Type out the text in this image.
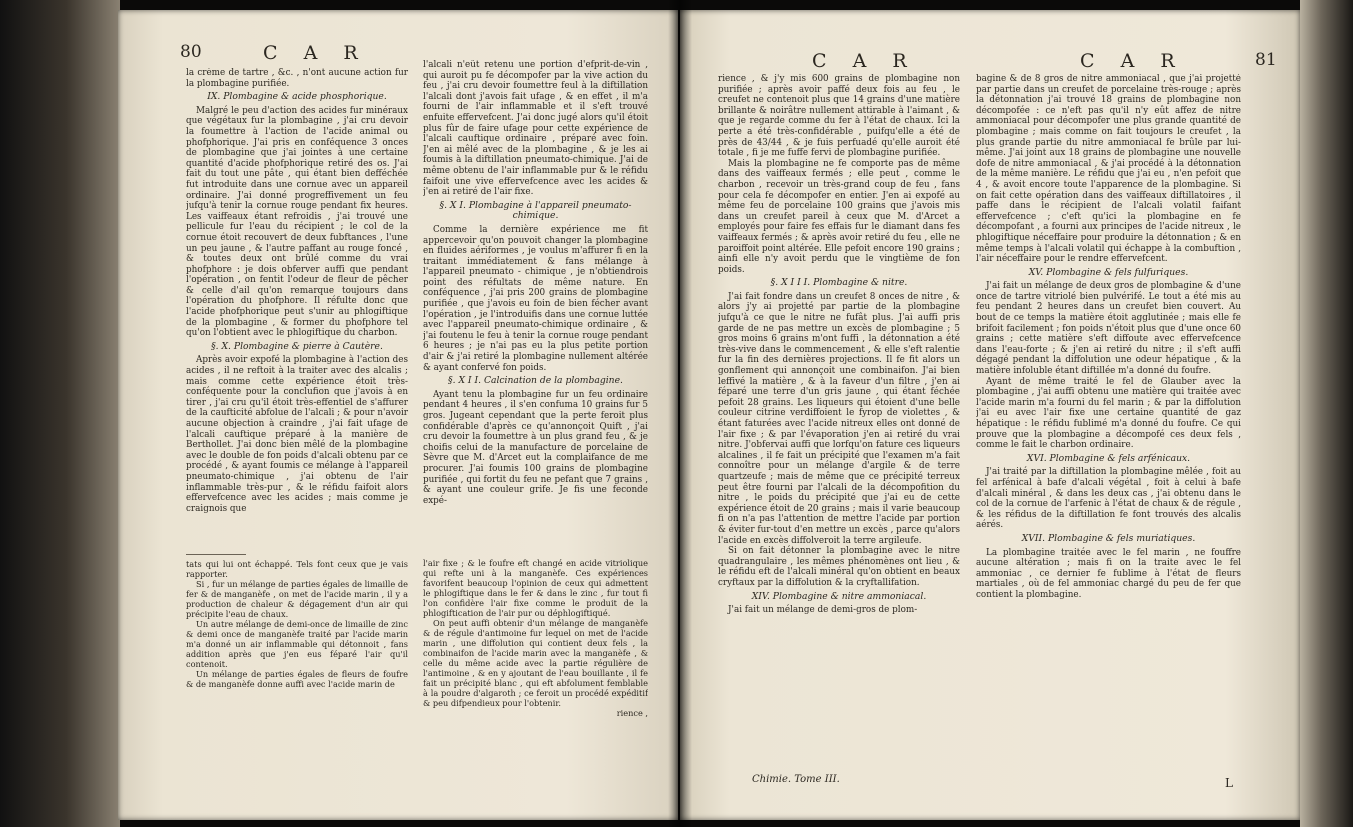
80	C A R

la crème de tartre , &c. , n'ont aucune action fur la plombagine purifiée.

IX. Plombagine & acide phosphorique.

Malgré le peu d'action des acides fur minéraux que végétaux fur la plombagine , j'ai cru devoir la foumettre à l'action de l'acide animal ou phofphorique. J'ai pris en conféquence 3 onces de plombagine que j'ai jointes à une certaine quantité d'acide phofphorique retiré des os. J'ai fait du tout une pâte , qui étant bien defféchée fut introduite dans une cornue avec un appareil ordinaire. J'ai donné progreffivement un feu jufqu'à tenir la cornue rouge pendant fix heures. Les vaiffeaux étant refroidis , j'ai trouvé une pellicule fur l'eau du récipient ; le col de la cornue étoit recouvert de deux fubftances , l'une un peu jaune , & l'autre paffant au rouge foncé , & toutes deux ont brûlé comme du vrai phofphore : je dois obferver auffi que pendant l'opération , on fentit l'odeur de fleur de pêcher & celle d'ail qu'on remarque toujours dans l'opération du phofphore. Il réfulte donc que l'acide phofphorique peut s'unir au phlogiftique de la plombagine , & former du phofphore tel qu'on l'obtient avec le phlogiftique du charbon.

§. X. Plombagine & pierre à Cautère.

Après avoir expofé la plombagine à l'action des acides , il ne reftoit à la traiter avec des alcalis ; mais comme cette expérience étoit très-conféquente pour la conclufion que j'avois à en tirer , j'ai cru qu'il étoit très-effentiel de s'affurer de la caufticité abfolue de l'alcali ; & pour n'avoir aucune objection à craindre , j'ai fait ufage de l'alcali cauftique préparé à la manière de Berthollet. J'ai donc bien mêlé de la plombagine avec le double de fon poids d'alcali obtenu par ce procédé , & ayant foumis ce mélange à l'appareil pneumato-chimique , j'ai obtenu de l'air inflammable très-pur , & le réfidu faifoit alors effervefcence avec les acides ; mais comme je craignois que

tats qui lui ont échappé. Tels font ceux que je vais rapporter.

Si , fur un mélange de parties égales de limaille de fer & de manganèfe , on met de l'acide marin , il y a production de chaleur & dégagement d'un air qui précipite l'eau de chaux.

Un autre mélange de demi-once de limaille de zinc & demi once de manganèfe traité par l'acide marin m'a donné un air inflammable qui détonnoit , fans addition après que j'en eus féparé l'air qu'il contenoit.

Un mélange de parties égales de fleurs de foufre & de manganèfe donne auffi avec l'acide marin de

l'alcali n'eût retenu une portion d'efprit-de-vin , qui auroit pu fe décompofer par la vive action du feu , j'ai cru devoir foumettre feul à la diftillation l'alcali dont j'avois fait ufage , & en effet , il m'a fourni de l'air inflammable et il s'eft trouvé enfuite effervefcent. J'ai donc jugé alors qu'il étoit plus fûr de faire ufage pour cette expérience de l'alcali cauftique ordinaire , préparé avec foin. J'en ai mêlé avec de la plombagine , & je les ai foumis à la diftillation pneumato-chimique. J'ai de même obtenu de l'air inflammable pur & le réfidu faifoit une vive effervefcence avec les acides & j'en ai retiré de l'air fixe.

§. X I. Plombagine à l'appareil pneumato-chimique.

Comme la dernière expérience me fit appercevoir qu'on pouvoit changer la plombagine en fluides aériformes , je voulus m'affurer fi en la traitant immédiatement & fans mélange à l'appareil pneumato - chimique , je n'obtiendrois point des réfultats de même nature. En conféquence , j'ai pris 200 grains de plombagine purifiée , que j'avois eu foin de bien fécher avant l'opération , je l'introduifis dans une cornue luttée avec l'appareil pneumato-chimique ordinaire , & j'ai foutenu le feu à tenir la cornue rouge pendant 6 heures ; je n'ai pas eu la plus petite portion d'air & j'ai retiré la plombagine nullement altérée & ayant confervé fon poids.

§. X I I. Calcination de la plombagine.

Ayant tenu la plombagine fur un feu ordinaire pendant 4 heures , il s'en confuma 10 grains fur 5 gros. Jugeant cependant que la perte feroit plus confidérable d'après ce qu'annonçoit Quift , j'ai cru devoir la foumettre à un plus grand feu , & je choifis celui de la manufacture de porcelaine de Sèvre que M. d'Arcet eut la complaifance de me procurer. J'ai foumis 100 grains de plombagine purifiée , qui fortit du feu ne pefant que 7 grains , & ayant une couleur grife. Je fis une feconde expé-

l'air fixe ; & le foufre eft changé en acide vitriolique qui refte uni à la manganèfe. Ces expériences favorifent beaucoup l'opinion de ceux qui admettent le phlogiftique dans le fer & dans le zinc , fur tout fi l'on confidère l'air fixe comme le produit de la phlogiftication de l'air pur ou déphlogiftiqué.

On peut auffi obtenir d'un mélange de manganèfe & de régule d'antimoine fur lequel on met de l'acide marin , une diffolution qui contient deux fels , la combinaifon de l'acide marin avec la manganèfe , & celle du même acide avec la partie régulière de l'antimoine , & en y ajoutant de l'eau bouillante , il fe fait un précipité blanc , qui eft abfolument femblable à la poudre d'algaroth ; ce feroit un procédé expéditif & peu difpendieux pour l'obtenir.

rience ,

C A R	C A R	81

rience , & j'y mis 600 grains de plombagine non purifiée ; après avoir paffé deux fois au feu , le creufet ne contenoit plus que 14 grains d'une matière brillante & noirâtre nullement attirable à l'aimant , & que je regarde comme du fer à l'état de chaux. Ici la perte a été très-confidérable , puifqu'elle a été de près de 43/44 , & je fuis perfuadé qu'elle auroit été totale , fi je me fuffe fervi de plombagine purifiée.

Mais la plombagine ne fe comporte pas de même dans des vaiffeaux fermés ; elle peut , comme le charbon , recevoir un très-grand coup de feu , fans pour cela fe décompofer en entier. J'en ai expofé au même feu de porcelaine 100 grains que j'avois mis dans un creufet pareil à ceux que M. d'Arcet a employés pour faire fes effais fur le diamant dans fes vaiffeaux fermés ; & après avoir retiré du feu , elle ne paroiffoit point altérée. Elle pefoit encore 190 grains ; ainfi elle n'y avoit perdu que le vingtième de fon poids.

§. X I I I. Plombagine & nitre.

J'ai fait fondre dans un creufet 8 onces de nitre , & alors j'y ai projetté par partie de la plombagine jufqu'à ce que le nitre ne fufât plus. J'ai auffi pris garde de ne pas mettre un excès de plombagine ; 5 gros moins 6 grains m'ont fuffi , la détonnation a été très-vive dans le commencement , & elle s'eft ralentie fur la fin des dernières projections. Il fe fit alors un gonflement qui annonçoit une combinaifon. J'ai bien leffivé la matière , & à la faveur d'un filtre , j'en ai féparé une terre d'un gris jaune , qui étant féchée pefoit 28 grains. Les liqueurs qui étoient d'une belle couleur citrine verdiffoient le fyrop de violettes , & étant faturées avec l'acide nitreux elles ont donné de l'air fixe ; & par l'évaporation j'en ai retiré du vrai nitre. J'obfervai auffi que lorfqu'on fature ces liqueurs alcalines , il fe fait un précipité que l'examen m'a fait connoître pour un mélange d'argile & de terre quartzeufe ; mais de même que ce précipité terreux peut être fourni par l'alcali de la décompofition du nitre , le poids du précipité que j'ai eu de cette expérience étoit de 20 grains ; mais il varie beaucoup fi on n'a pas l'attention de mettre l'acide par portion & éviter fur-tout d'en mettre un excès , parce qu'alors l'acide en excès diffolveroit la terre argileufe.

Si on fait détonner la plombagine avec le nitre quadrangulaire , les mêmes phénomènes ont lieu , & le réfidu eft de l'alcali minéral qu'on obtient en beaux cryftaux par la diffolution & la cryftallifation.

XIV. Plombagine & nitre ammoniacal.

J'ai fait un mélange de demi-gros de plom-

Chimie. Tome III.

bagine & de 8 gros de nitre ammoniacal , que j'ai projetté par partie dans un creufet de porcelaine très-rouge ; après la détonnation j'ai trouvé 18 grains de plombagine non décompofée : ce n'eft pas qu'il n'y eût affez de nitre ammoniacal pour décompofer une plus grande quantité de plombagine ; mais comme on fait toujours le creufet , la plus grande partie du nitre ammoniacal fe brûle par lui-même. J'ai joint aux 18 grains de plombagine une nouvelle dofe de nitre ammoniacal , & j'ai procédé à la détonnation de la même manière. Le réfidu que j'ai eu , n'en pefoit que 4 , & avoit encore toute l'apparence de la plombagine. Si on fait cette opération dans des vaiffeaux diftillatoires , il paffe dans le récipient de l'alcali volatil faifant effervefcence ; c'eft qu'ici la plombagine en fe décompofant , a fourni aux principes de l'acide nitreux , le phlogiftique néceffaire pour produire la détonnation ; & en même temps à l'alcali volatil qui échappe à la combuftion , l'air néceffaire pour le rendre effervefcent.

XV. Plombagine & fels fulfuriques.

J'ai fait un mélange de deux gros de plombagine & d'une once de tartre vitriolé bien pulvérifé. Le tout a été mis au feu pendant 2 heures dans un creufet bien couvert. Au bout de ce temps la matière étoit agglutinée ; mais elle fe brifoit facilement ; fon poids n'étoit plus que d'une once 60 grains ; cette matière s'eft diffoute avec effervefcence dans l'eau-forte ; & j'en ai retiré du nitre ; il s'eft auffi dégagé pendant la diffolution une odeur hépatique , & la matière infoluble étant diftillée m'a donné du foufre.

Ayant de même traité le fel de Glauber avec la plombagine , j'ai auffi obtenu une matière qui traitée avec l'acide marin m'a fourni du fel marin ; & par la diffolution j'ai eu avec l'air fixe une certaine quantité de gaz hépatique : le réfidu fublimé m'a donné du foufre. Ce qui prouve que la plombagine a décompofé ces deux fels , comme le fait le charbon ordinaire.

XVI. Plombagine & fels arfénicaux.

J'ai traité par la diftillation la plombagine mêlée , foit au fel arfénical à bafe d'alcali végétal , foit à celui à bafe d'alcali minéral , & dans les deux cas , j'ai obtenu dans le col de la cornue de l'arfenic à l'état de chaux & de régule , & les réfidus de la diftillation fe font trouvés des alcalis aérés.

XVII. Plombagine & fels muriatiques.

La plombagine traitée avec le fel marin , ne fouffre aucune altération ; mais fi on la traite avec le fel ammoniac , ce dernier fe fublime à l'état de fleurs martiales , où de fel ammoniac chargé du peu de fer que contient la plombagine.

L
